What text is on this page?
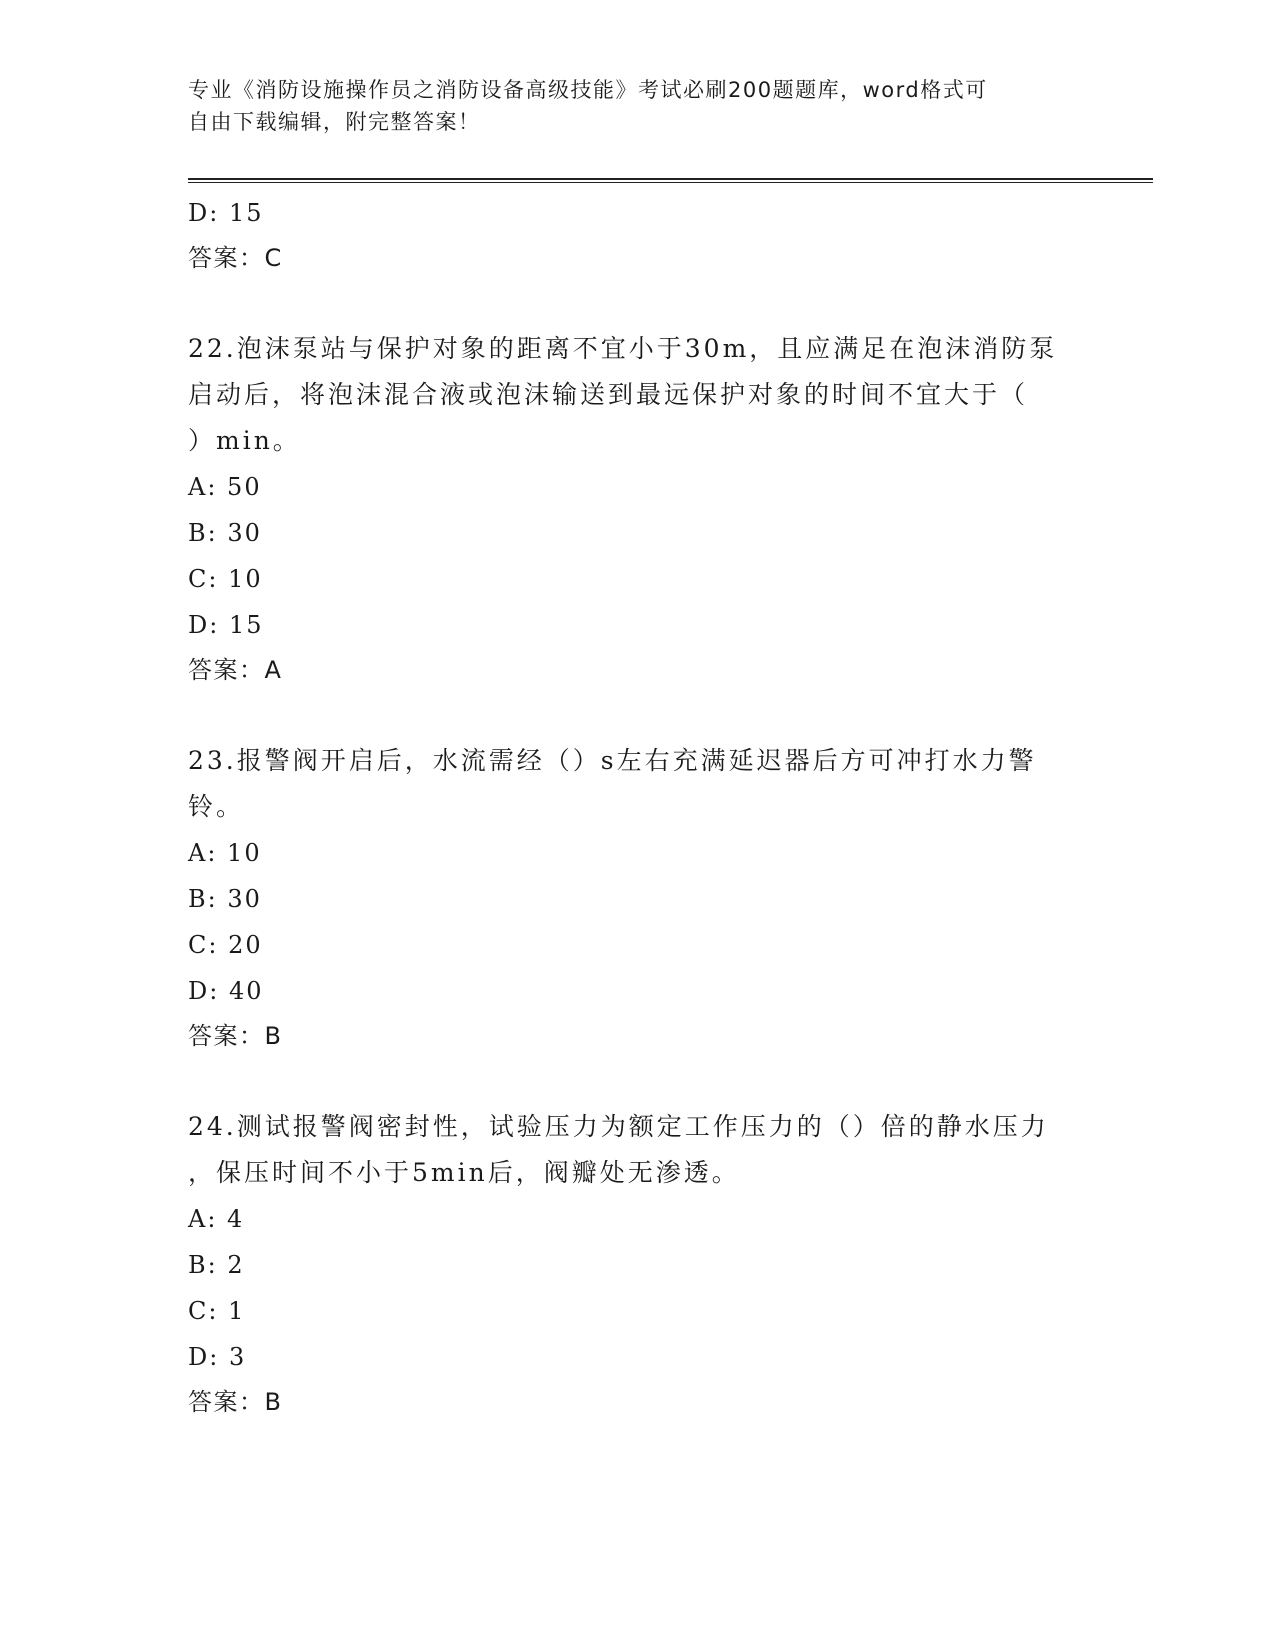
专业《消防设施操作员之消防设备高级技能》考试必刷200题题库，word格式可
自由下载编辑，附完整答案！
D: 15
答案：C
22.泡沫泵站与保护对象的距离不宜小于30m，且应满足在泡沫消防泵
启动后，将泡沫混合液或泡沫输送到最远保护对象的时间不宜大于（
）min。
A: 50
B: 30
C: 10
D: 15
答案：A
23.报警阀开启后，水流需经（）s左右充满延迟器后方可冲打水力警
铃。
A: 10
B: 30
C: 20
D: 40
答案：B
24.测试报警阀密封性，试验压力为额定工作压力的（）倍的静水压力
，保压时间不小于5min后，阀瓣处无渗透。
A: 4
B: 2
C: 1
D: 3
答案：B
